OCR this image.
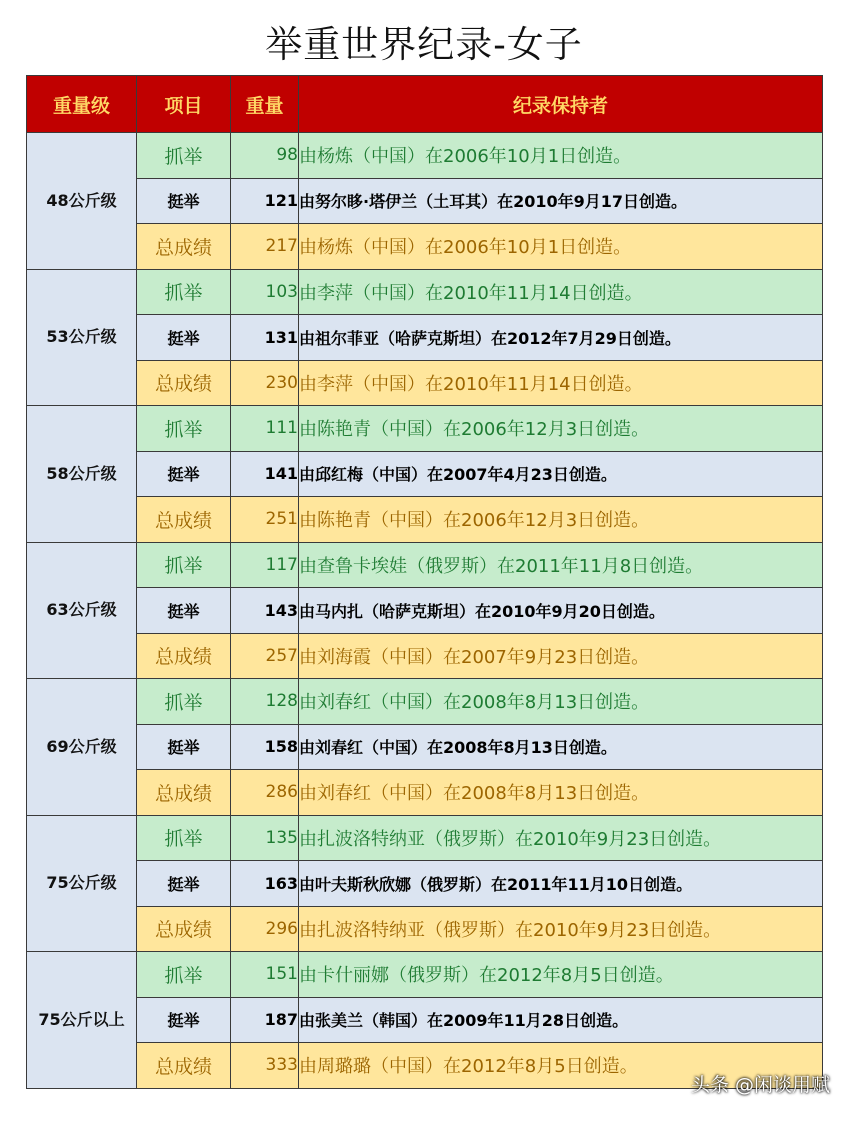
举重世界纪录-女子
重量级	项目	重量	纪录保持者
48公斤级	抓举	98	由杨炼（中国）在2006年10月1日创造。
	挺举	121	由努尔眵·塔伊兰（土耳其）在2010年9月17日创造。
	总成绩	217	由杨炼（中国）在2006年10月1日创造。
53公斤级	抓举	103	由李萍（中国）在2010年11月14日创造。
	挺举	131	由祖尔菲亚（哈萨克斯坦）在2012年7月29日创造。
	总成绩	230	由李萍（中国）在2010年11月14日创造。
58公斤级	抓举	111	由陈艳青（中国）在2006年12月3日创造。
	挺举	141	由邱红梅（中国）在2007年4月23日创造。
	总成绩	251	由陈艳青（中国）在2006年12月3日创造。
63公斤级	抓举	117	由查鲁卡埃娃（俄罗斯）在2011年11月8日创造。
	挺举	143	由马内扎（哈萨克斯坦）在2010年9月20日创造。
	总成绩	257	由刘海霞（中国）在2007年9月23日创造。
69公斤级	抓举	128	由刘春红（中国）在2008年8月13日创造。
	挺举	158	由刘春红（中国）在2008年8月13日创造。
	总成绩	286	由刘春红（中国）在2008年8月13日创造。
75公斤级	抓举	135	由扎波洛特纳亚（俄罗斯）在2010年9月23日创造。
	挺举	163	由叶夫斯秋欣娜（俄罗斯）在2011年11月10日创造。
	总成绩	296	由扎波洛特纳亚（俄罗斯）在2010年9月23日创造。
75公斤以上	抓举	151	由卡什丽娜（俄罗斯）在2012年8月5日创造。
	挺举	187	由张美兰（韩国）在2009年11月28日创造。
	总成绩	333	由周璐璐（中国）在2012年8月5日创造。
头条 @闲谈用赋
